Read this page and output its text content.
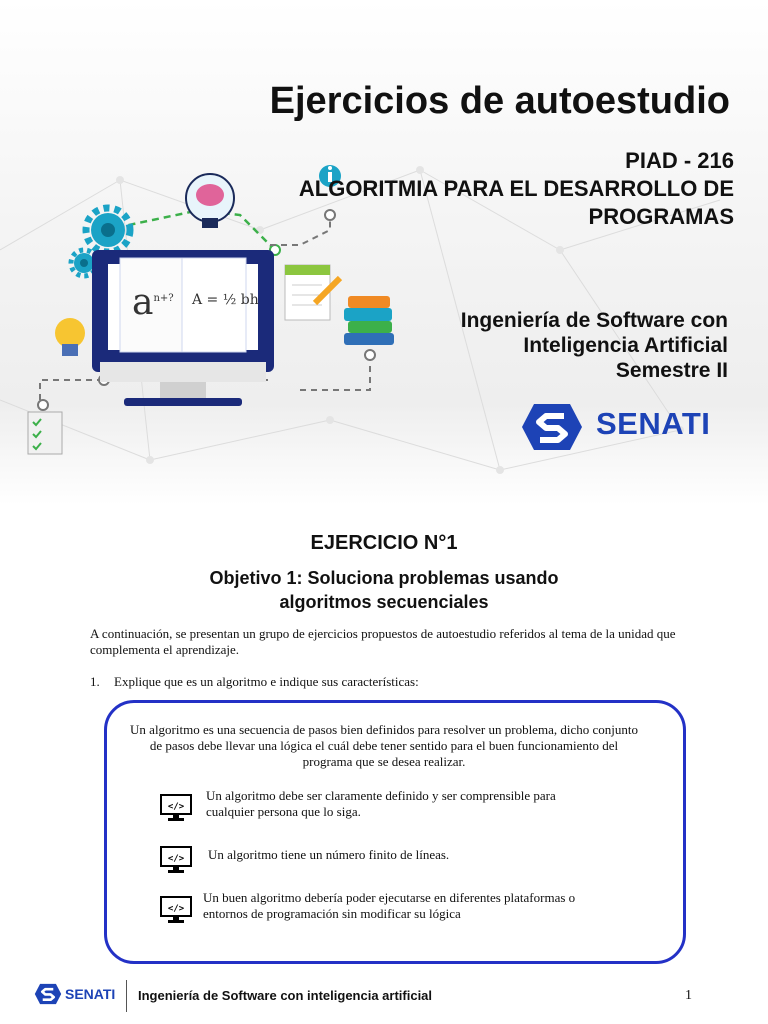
$a^{n+?}$ A = ½ bh
Ejercicios de autoestudio
PIAD - 216
ALGORITMIA PARA EL DESARROLLO DE PROGRAMAS
Ingeniería de Software con
Inteligencia Artificial
Semestre II
SENATI
EJERCICIO N°1
Objetivo 1: Soluciona problemas usando
algoritmos secuenciales
A continuación, se presentan un grupo de ejercicios propuestos de autoestudio referidos al tema de la unidad que complementa el aprendizaje.
1. Explique que es un algoritmo e indique sus características:
Un algoritmo es una secuencia de pasos bien definidos para resolver un problema, dicho conjunto de pasos debe llevar una lógica el cuál debe tener sentido para el buen funcionamiento del programa que se desea realizar.
</>
Un algoritmo debe ser claramente definido y ser comprensible para cualquier persona que lo siga.
</> Un algoritmo tiene un número finito de líneas.
</>
Un buen algoritmo debería poder ejecutarse en diferentes plataformas o entornos de programación sin modificar su lógica
SENATI Ingeniería de Software con inteligencia artificial	1
